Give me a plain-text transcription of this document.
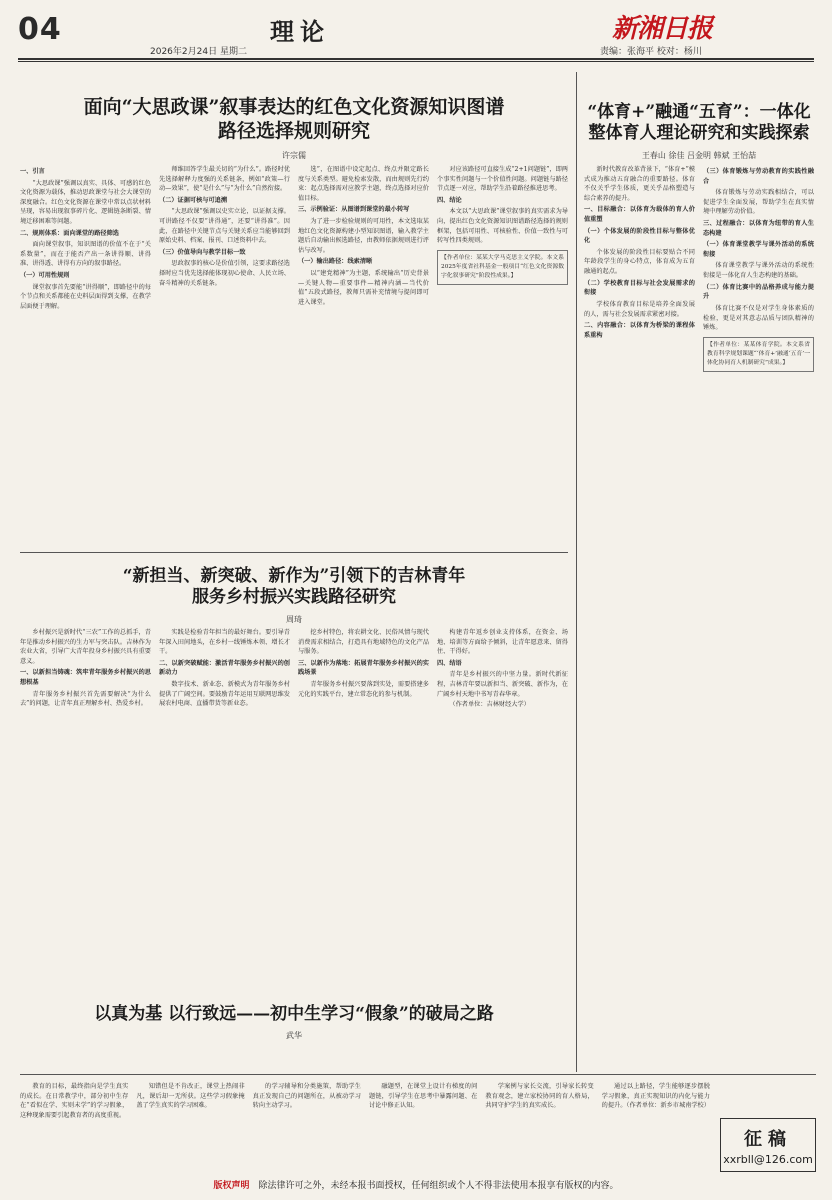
04	理论
2026年2月24日 星期二
新湘日报
责编：张海平 校对：杨川
面向“大思政课”叙事表达的红色文化资源知识图谱
路径选择规则研究
许宗儒

一、引言

“大思政课”强调以真实、具体、可感的红色文化资源为载体，推动思政课堂与社会大课堂的深度融合。红色文化资源在课堂中常以点状材料呈现，容易出现叙事碎片化、逻辑链条断裂、情境迁移困难等问题。

二、规则体系：面向课堂的路径筛选

面向课堂叙事，知识图谱的价值不在于“关系数量”，而在于能否产出一条讲得顺、讲得准、讲得透、讲得有方向的叙事路径。

（一）可用性规则

课堂叙事首先要能“讲得顺”，即路径中的每个节点和关系都能在史料层面得到支撑，在教学层面便于理解。

师维回答学生最关切的“为什么”。路径时优先选择解释力度强的关系链条，例如“政策—行动—效果”，使“是什么”与“为什么”自然衔接。

（二）证据可核与可追溯

“大思政课”强调以史实立论，以证据支撑。可讲路径不仅要“讲得通”，还要“讲得准”。因此，在路径中关键节点与关键关系应当能够回到原始史料、档案、报刊、口述资料中去。

（三）价值导向与教学目标一致

思政叙事的核心是价值引领，这要求路径选择时应当优先选择能体现初心使命、人民立场、奋斗精神的关系链条。

选”，在图谱中设定起点、终点并限定路长度与关系类型。避免检索发散，而由规则先行约束：起点选择需对应教学主题，终点选择对应价值目标。

三、示例验证：从图谱到课堂的最小转写

为了进一步检验规则的可用性，本文选取某地红色文化资源构建小型知识图谱，输入教学主题后自动输出候选路径，由教师依据规则进行评估与改写。

（一）输出路径：线索清晰

以“建党精神”为主题，系统输出“历史背景—关键人物—重要事件—精神内涵—当代价值”五段式路径，教师只需补充情境与提问即可进入课堂。

对应该路径可直接生成“2+1问题链”，即两个事实性问题与一个价值性问题。问题链与路径节点逐一对应，帮助学生沿着路径推进思考。

四、结论

本文以“大思政课”课堂叙事的真实需求为导向，提出红色文化资源知识图谱路径选择的规则框架，包括可用性、可核验性、价值一致性与可转写性四类规则。

【作者单位：某某大学马克思主义学院。本文系2025年度省社科基金一般项目“红色文化资源数字化叙事研究”阶段性成果。】

“体育+”融通“五育”：一体化
整体育人理论研究和实践探索
王春山 徐佳 吕金明 韩斌 王怡喆

新时代教育改革背景下，“体育+”模式成为推动五育融合的重要路径。体育不仅关乎学生体质，更关乎品格塑造与综合素养的提升。

一、目标融合：以体育为载体的育人价值重塑

（一）个体发展的阶段性目标与整体优化

个体发展的阶段性目标要贴合不同年龄段学生的身心特点，体育成为五育融通的起点。

（二）学校教育目标与社会发展需求的衔接

学校体育教育目标是培养全面发展的人，需与社会发展需求紧密对接。

二、内容融合：以体育为桥梁的课程体系重构

（三）体育锻炼与劳动教育的实践性融合

体育锻炼与劳动实践相结合，可以促进学生全面发展，帮助学生在真实情境中理解劳动价值。

三、过程融合：以体育为纽带的育人生态构建

（一）体育课堂教学与课外活动的系统衔接

体育课堂教学与课外活动的系统性衔接是一体化育人生态构建的基础。

（二）体育比赛中的品格养成与能力提升

体育比赛不仅是对学生身体素质的检验，更是对其意志品质与团队精神的锤炼。

【作者单位：某某体育学院。本文系省教育科学规划课题“‘体育+’融通‘五育’一体化协同育人机制研究”成果。】

“新担当、新突破、新作为”引领下的吉林青年
服务乡村振兴实践路径研究
周琦

乡村振兴是新时代“三农”工作的总抓手，青年是推动乡村振兴的生力军与突击队。吉林作为农业大省，引导广大青年投身乡村振兴具有重要意义。

一、以新担当铸魂：筑牢青年服务乡村振兴的思想根基

青年服务乡村振兴首先需要解决“为什么去”的问题，让青年真正理解乡村、热爱乡村。

实践是检验青年担当的最好舞台。要引导青年深入田间地头，在乡村一线锤炼本领、增长才干。

二、以新突破赋能：激活青年服务乡村振兴的创新动力

数字技术、新业态、新模式为青年服务乡村提供了广阔空间。要鼓励青年运用互联网思维发展农村电商、直播带货等新业态。

挖乡村特色，将农耕文化、民俗风情与现代消费需求相结合，打造具有地域特色的文化产品与服务。

三、以新作为落地：拓展青年服务乡村振兴的实践场景

青年服务乡村振兴要落到实处，需要搭建多元化的实践平台，建立常态化的参与机制。

构建青年返乡创业支持体系，在资金、场地、培训等方面给予倾斜，让青年愿意来、留得住、干得好。

四、结语

青年是乡村振兴的中坚力量。新时代新征程，吉林青年要以新担当、新突破、新作为，在广阔乡村天地中书写青春华章。

（作者单位：吉林财经大学）

以真为基 以行致远——初中生学习“假象”的破局之路
武华

教育的目标，最终指向是学生真实的成长。在日常教学中，部分初中生存在“看似在学、实则未学”的学习假象，这种现象需要引起教育者的高度重视。

知错但是不肯改正，课堂上热闹非凡，课后却一无所获。这些学习假象掩盖了学生真实的学习困难。

的学习辅导和分类施策，帮助学生真正发现自己的问题所在，从被动学习转向主动学习。

融题型，在课堂上设计有梯度的问题链，引导学生在思考中暴露问题、在讨论中修正认知。

学案例与家长交流，引导家长转变教育观念，建立家校协同的育人格局，共同守护学生的真实成长。

通过以上路径，学生能够逐步摆脱学习假象，真正实现知识的内化与能力的提升。（作者单位：新乡市城南学校）

征稿
xxrbll@126.com
版权声明 除法律许可之外，未经本报书面授权，任何组织或个人不得非法使用本报享有版权的内容。
